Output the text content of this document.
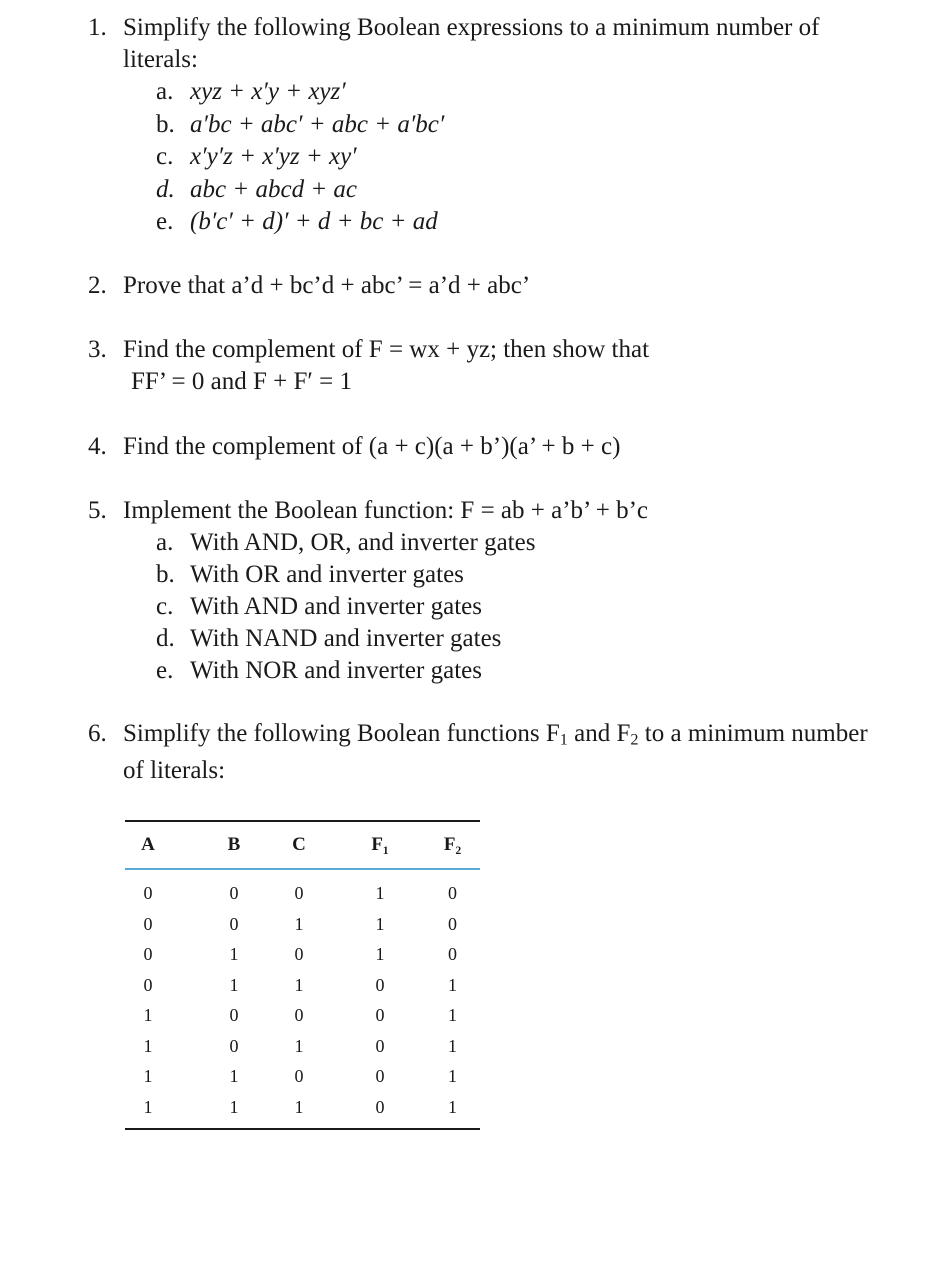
1. Simplify the following Boolean expressions to a minimum number of
literals:
a. xyz + x′y + xyz′
b. a′bc + abc′ + abc + a′bc′
c. x′y′z + x′yz + xy′
d. abc + abcd + ac
e. (b′c′ + d)′ + d + bc + ad
2. Prove that a’d + bc’d + abc’ = a’d + abc’
3. Find the complement of F = wx + yz; then show that
FF’ = 0 and F + F′ = 1
4. Find the complement of (a + c)(a + b’)(a’ + b + c)
5. Implement the Boolean function: F = ab + a’b’ + b’c
a. With AND, OR, and inverter gates
b. With OR and inverter gates
c. With AND and inverter gates
d. With NAND and inverter gates
e. With NOR and inverter gates
6. Simplify the following Boolean functions $F_1$ and $F_2$ to a minimum number
of literals:
A	B	C	F₁	F₂
0	0	0	1	0
0	0	1	1	0
0	1	0	1	0
0	1	1	0	1
1	0	0	0	1
1	0	1	0	1
1	1	0	0	1
1	1	1	0	1
